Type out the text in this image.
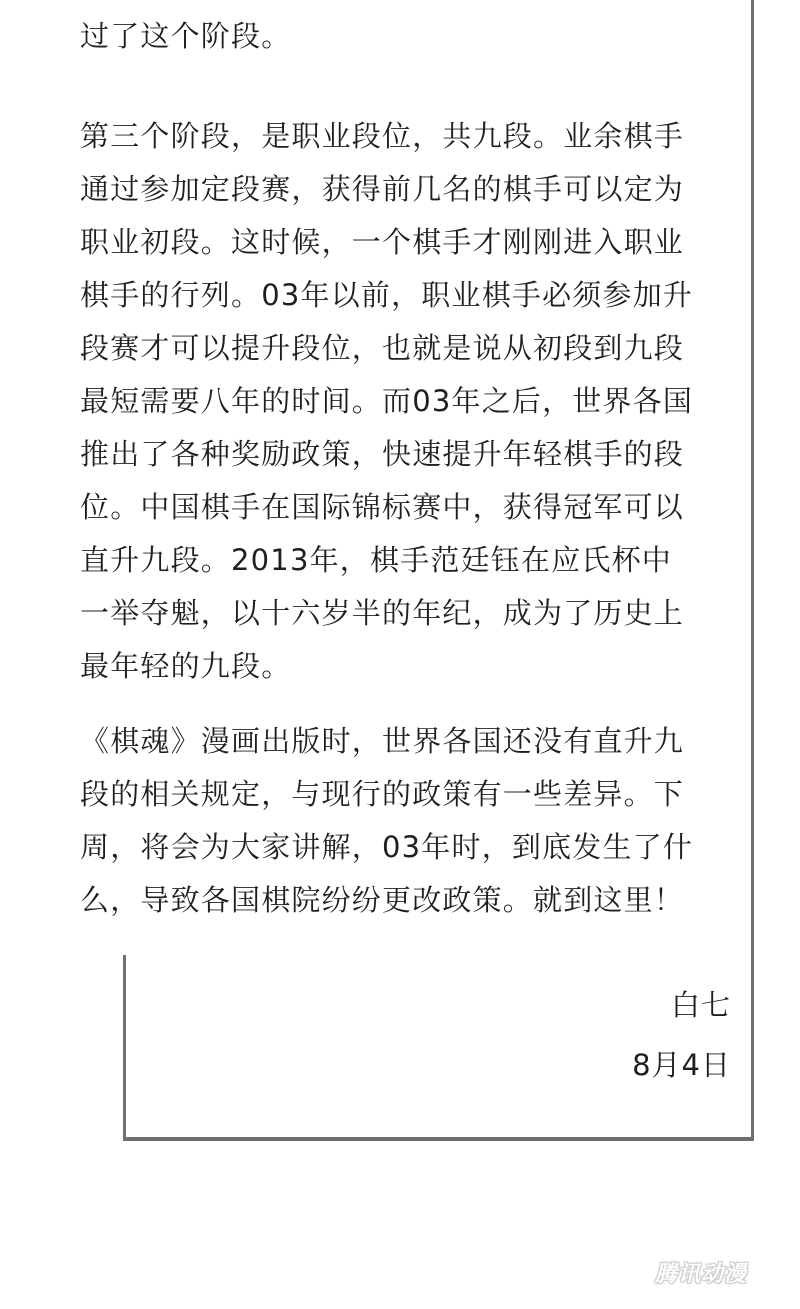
过了这个阶段。
第三个阶段，是职业段位，共九段。业余棋手
通过参加定段赛，获得前几名的棋手可以定为
职业初段。这时候，一个棋手才刚刚进入职业
棋手的行列。03年以前，职业棋手必须参加升
段赛才可以提升段位，也就是说从初段到九段
最短需要八年的时间。而03年之后，世界各国
推出了各种奖励政策，快速提升年轻棋手的段
位。中国棋手在国际锦标赛中，获得冠军可以
直升九段。2013年，棋手范廷钰在应氏杯中
一举夺魁，以十六岁半的年纪，成为了历史上
最年轻的九段。
《棋魂》漫画出版时，世界各国还没有直升九
段的相关规定，与现行的政策有一些差异。下
周，将会为大家讲解，03年时，到底发生了什
么，导致各国棋院纷纷更改政策。就到这里！
白七
8月4日
腾讯动漫
